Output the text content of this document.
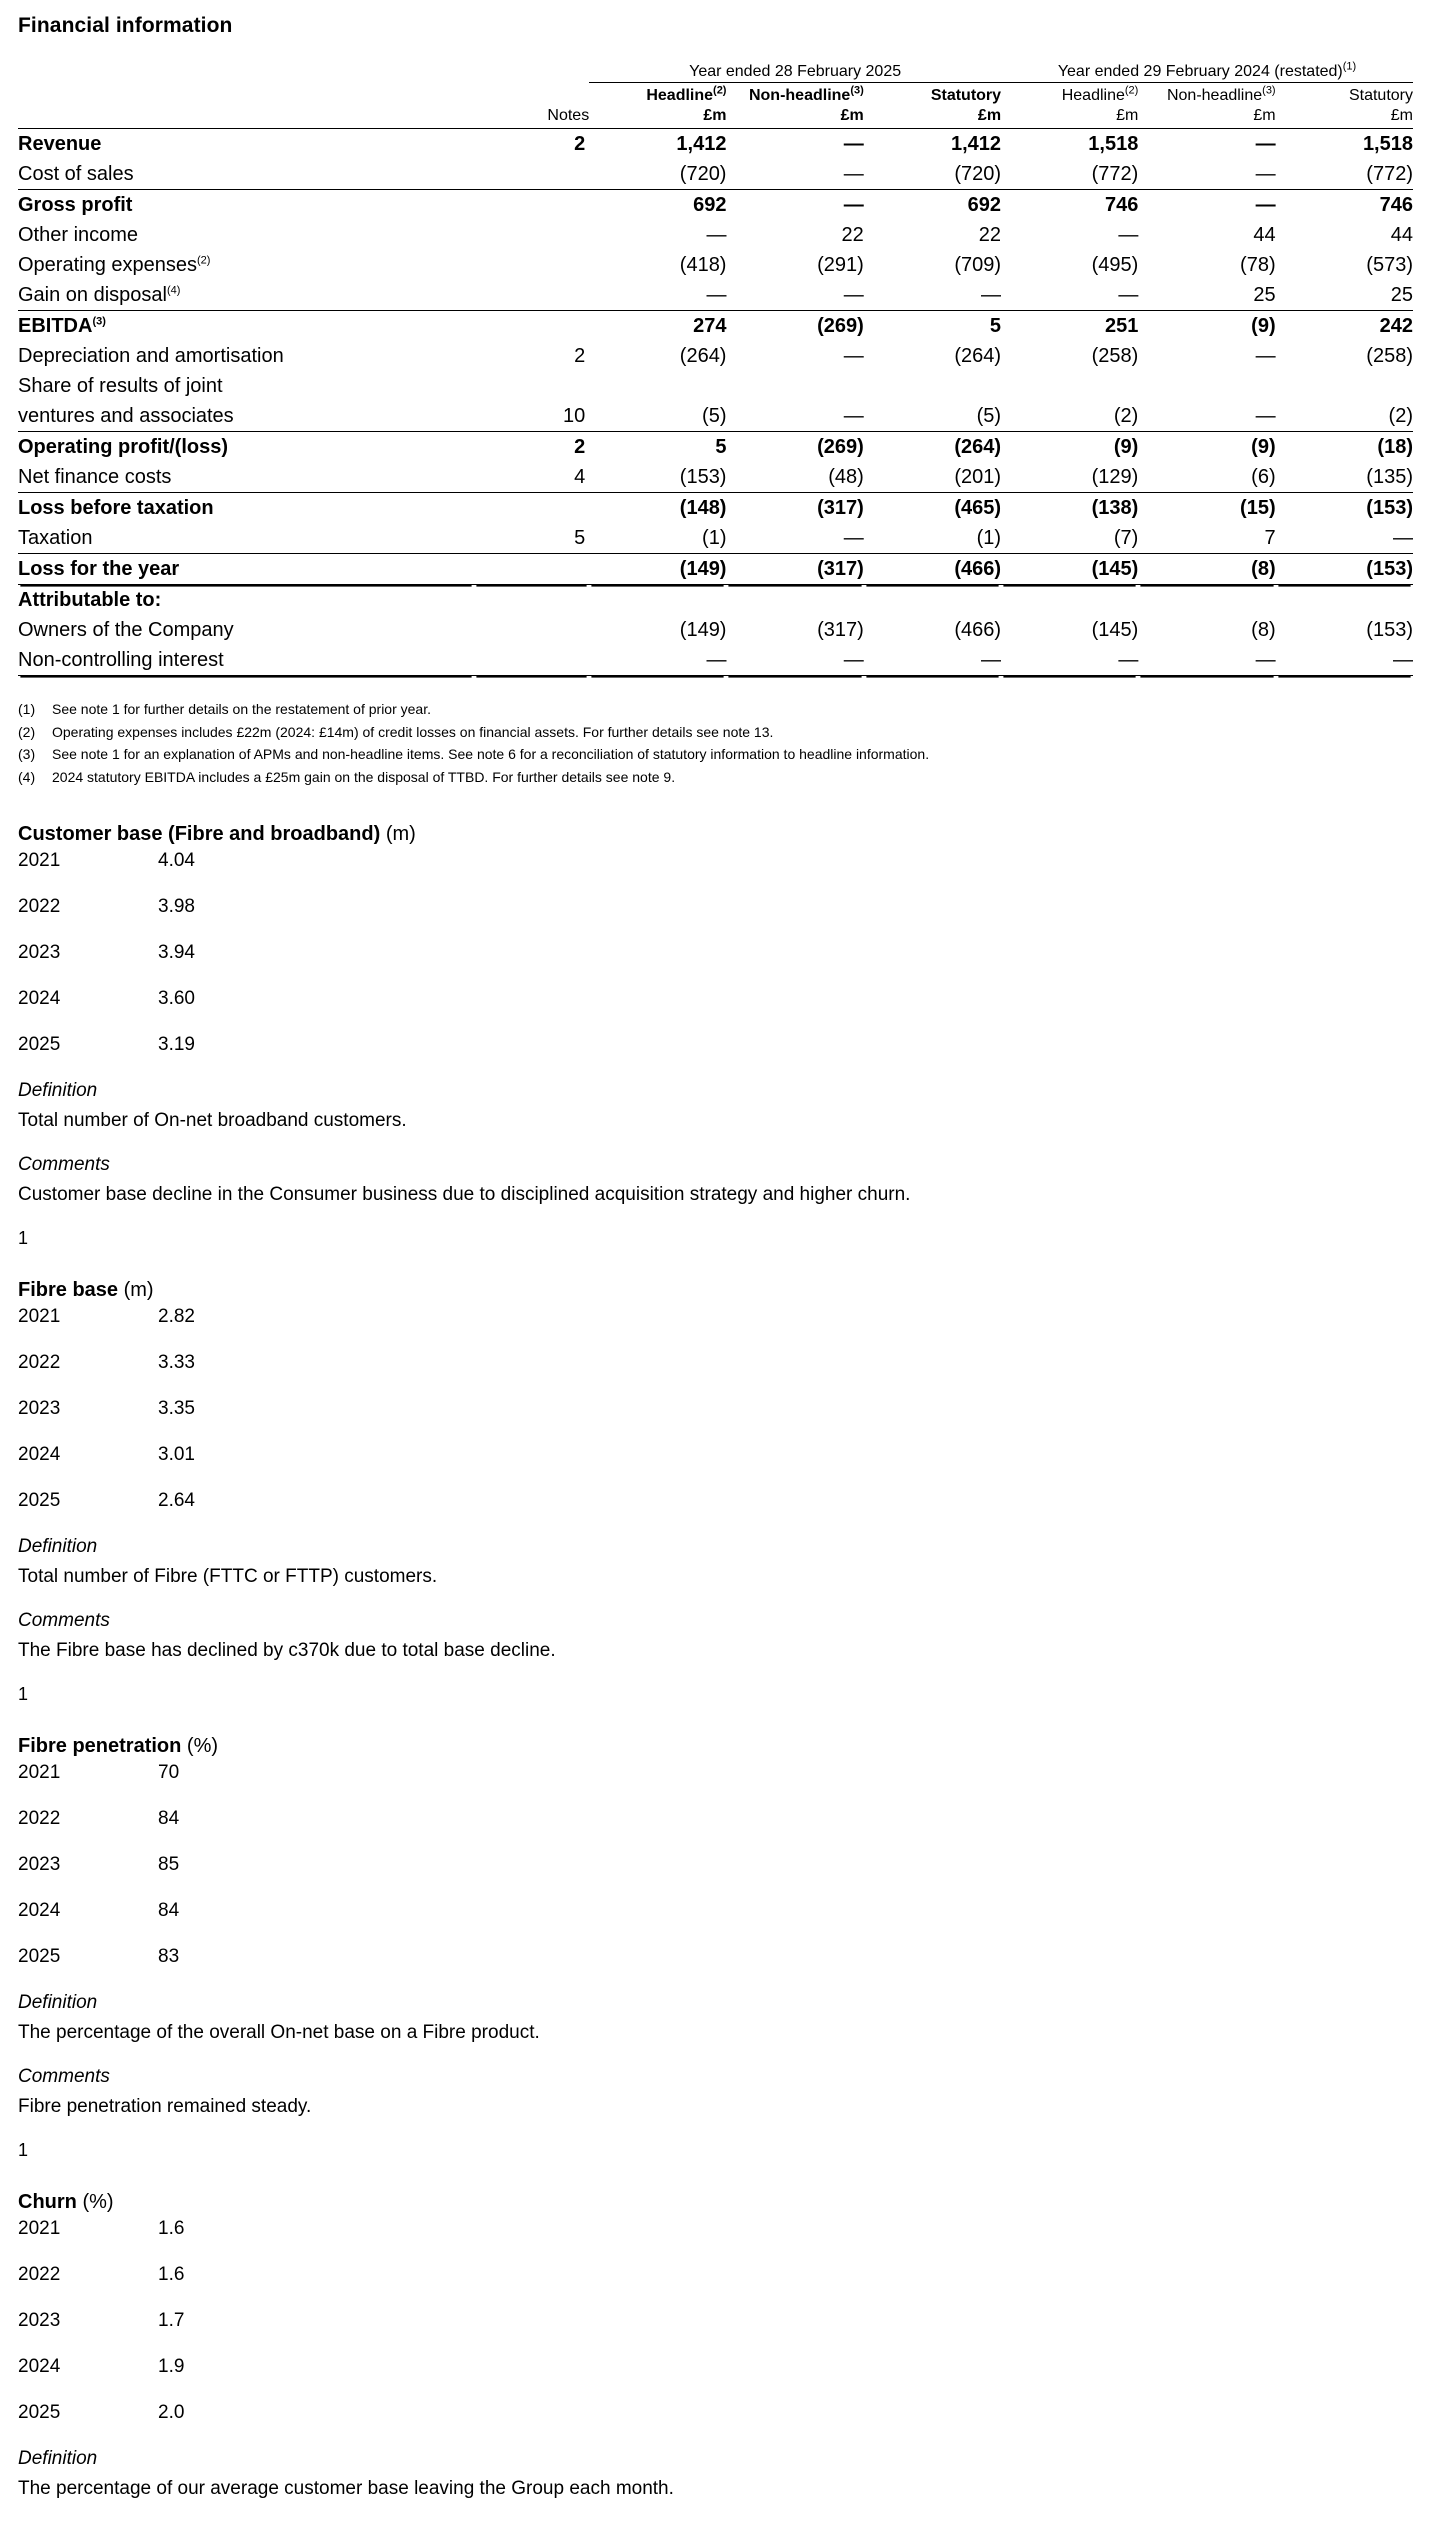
Financial information
		Year ended 28 February 2025			Year ended 29 February 2024 (restated)$^{(1)}$
		Headline$^{(2)}$	Non-headline$^{(3)}$	Statutory	Headline$^{(2)}$	Non-headline$^{(3)}$	Statutory
	Notes	£m	£m	£m	£m	£m	£m
Revenue	2	1,412	—	1,412	1,518	—	1,518
Cost of sales		(720)	—	(720)	(772)	—	(772)
Gross profit		692	—	692	746	—	746
Other income		—	22	22	—	44	44
Operating expenses$^{(2)}$		(418)	(291)	(709)	(495)	(78)	(573)
Gain on disposal$^{(4)}$		—	—	—	—	25	25
EBITDA$^{(3)}$		274	(269)	5	251	(9)	242
Depreciation and amortisation	2	(264)	—	(264)	(258)	—	(258)
Share of results of joint							
ventures and associates	10	(5)	—	(5)	(2)	—	(2)
Operating profit/(loss)	2	5	(269)	(264)	(9)	(9)	(18)
Net finance costs	4	(153)	(48)	(201)	(129)	(6)	(135)
Loss before taxation		(148)	(317)	(465)	(138)	(15)	(153)
Taxation	5	(1)	—	(1)	(7)	7	—
Loss for the year		(149)	(317)	(466)	(145)	(8)	(153)
Attributable to:							
Owners of the Company		(149)	(317)	(466)	(145)	(8)	(153)
Non-controlling interest		—	—	—	—	—	—
(1)	See note 1 for further details on the restatement of prior year.
(2)	Operating expenses includes £22m (2024: £14m) of credit losses on financial assets. For further details see note 13.
(3)	See note 1 for an explanation of APMs and non-headline items. See note 6 for a reconciliation of statutory information to headline information.
(4)	2024 statutory EBITDA includes a £25m gain on the disposal of TTBD. For further details see note 9.
Customer base (Fibre and broadband) (m)
2021	4.04
2022	3.98
2023	3.94
2024	3.60
2025	3.19
Definition
Total number of On-net broadband customers.
Comments
Customer base decline in the Consumer business due to disciplined acquisition strategy and higher churn.
1
Fibre base (m)
2021	2.82
2022	3.33
2023	3.35
2024	3.01
2025	2.64
Definition
Total number of Fibre (FTTC or FTTP) customers.
Comments
The Fibre base has declined by c370k due to total base decline.
1
Fibre penetration (%)
2021	70
2022	84
2023	85
2024	84
2025	83
Definition
The percentage of the overall On-net base on a Fibre product.
Comments
Fibre penetration remained steady.
1
Churn (%)
2021	1.6
2022	1.6
2023	1.7
2024	1.9
2025	2.0
Definition
The percentage of our average customer base leaving the Group each month.
